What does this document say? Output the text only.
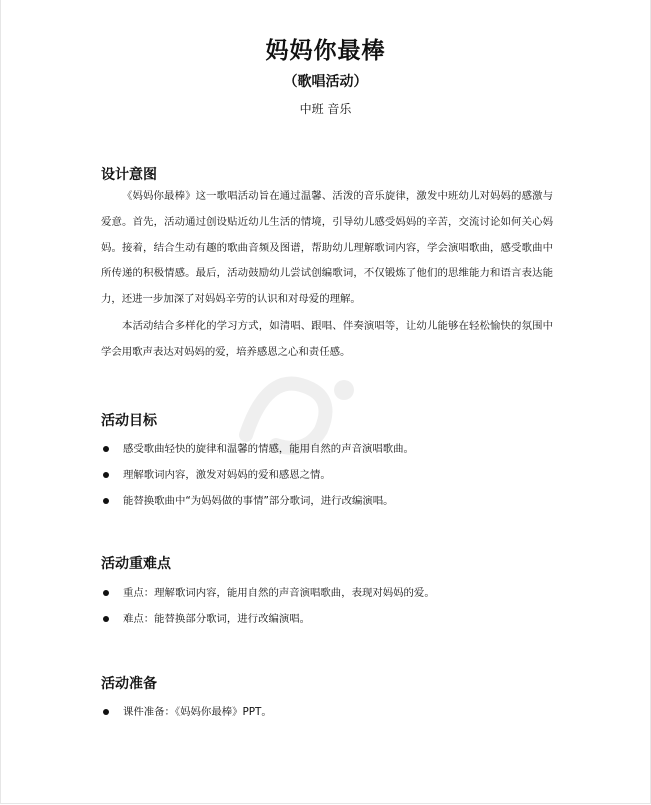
妈妈你最棒
（歌唱活动）
中班 音乐
设计意图

《妈妈你最棒》这一歌唱活动旨在通过温馨、活泼的音乐旋律，激发中班幼儿对妈妈的感激与爱意。首先，活动通过创设贴近幼儿生活的情境，引导幼儿感受妈妈的辛苦，交流讨论如何关心妈妈。接着，结合生动有趣的歌曲音频及图谱，帮助幼儿理解歌词内容，学会演唱歌曲，感受歌曲中所传递的积极情感。最后，活动鼓励幼儿尝试创编歌词，不仅锻炼了他们的思维能力和语言表达能力，还进一步加深了对妈妈辛劳的认识和对母爱的理解。

本活动结合多样化的学习方式，如清唱、跟唱、伴奏演唱等，让幼儿能够在轻松愉快的氛围中学会用歌声表达对妈妈的爱，培养感恩之心和责任感。

活动目标
感受歌曲轻快的旋律和温馨的情感，能用自然的声音演唱歌曲。
理解歌词内容，激发对妈妈的爱和感恩之情。
能替换歌曲中“为妈妈做的事情”部分歌词，进行改编演唱。
活动重难点
重点：理解歌词内容，能用自然的声音演唱歌曲，表现对妈妈的爱。
难点：能替换部分歌词，进行改编演唱。
活动准备
课件准备：《妈妈你最棒》PPT。
